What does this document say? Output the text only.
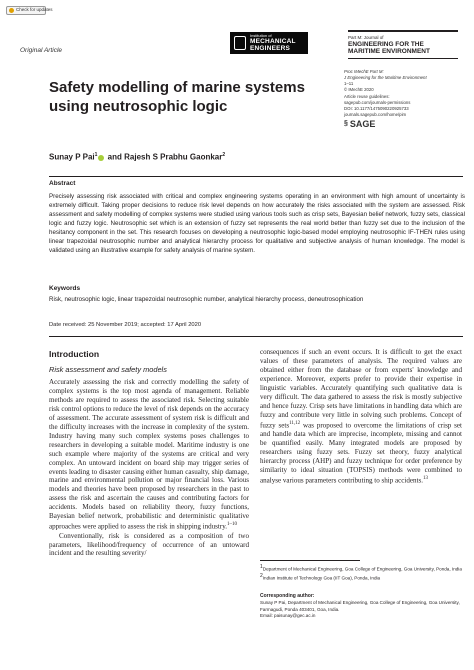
Check for updates
Original Article
Institution of
MECHANICAL
ENGINEERS
Part M: Journal of
ENGINEERING FOR THE
MARITIME ENVIRONMENT
Proc IMechE Part M:
J Engineering for the Maritime Environment
1–11
© IMechE 2020
Article reuse guidelines:
sagepub.com/journals-permissions
DOI: 10.1177/1475090220925733
journals.sagepub.com/home/pim
§ SAGE
Safety modelling of marine systems using neutrosophic logic
Sunay P Pai$^1$ and Rajesh S Prabhu Gaonkar$^2$
Abstract
Precisely assessing risk associated with critical and complex engineering systems operating in an environment with high amount of uncertainty is extremely difficult. Taking proper decisions to reduce risk level depends on how accurately the risks associated with the system are assessed. Risk assessment and safety modelling of complex systems were studied using various tools such as crisp sets, Bayesian belief network, fuzzy sets, classical logic and fuzzy logic. Neutrosophic set which is an extension of fuzzy set represents the real world better than fuzzy set due to the inclusion of the hesitancy component in the set. This research focuses on developing a neutrosophic logic-based model employing neutrosophic IF-THEN rules using linear trapezoidal neutrosophic number and analytical hierarchy process for qualitative and subjective analysis of human knowledge. The model is validated using an illustrative example for safety analysis of marine system.
Keywords
Risk, neutrosophic logic, linear trapezoidal neutrosophic number, analytical hierarchy process, deneutrosophication
Date received: 25 November 2019; accepted: 17 April 2020
Introduction
Risk assessment and safety models

Accurately assessing the risk and correctly modelling the safety of complex systems is the top most agenda of management. Reliable methods are required to assess the associated risk. Selecting suitable risk control options to reduce the level of risk depends on the accuracy of assessment. The accurate assessment of system risk is difficult and the difficulty increases with the increase in complexity of the system. Industry having many such complex systems poses challenges to researchers in developing a suitable model. Maritime industry is one such example where majority of the systems are critical and very complex. An untoward incident on board ship may trigger series of events leading to disaster causing either human casualty, ship damage, marine and environmental pollution or major financial loss. Various models and theories have been proposed by researchers in the past to assess the risk and ascertain the causes and contributing factors for accidents. Models based on reliability theory, fuzzy functions, Bayesian belief network, probabilistic and deterministic qualitative approaches were applied to assess the risk in shipping industry.$^{1-10}$

Conventionally, risk is considered as a composition of two parameters, likelihood/frequency of occurrence of an untoward incident and the resulting severity/

consequences if such an event occurs. It is difficult to get the exact values of these parameters of analysis. The required values are obtained either from the database or from experts' knowledge and experience. Moreover, experts prefer to provide their expertise in linguistic variables. Accurately quantifying such qualitative data is very difficult. The data gathered to assess the risk is mostly subjective and hence fuzzy. Crisp sets have limitations in handling data which are fuzzy and contribute very little in solving such problems. Concept of fuzzy sets$^{11,12}$ was proposed to overcome the limitations of crisp set and handle data which are imprecise, incomplete, missing and cannot be quantified easily. Many integrated models are proposed by researchers using fuzzy sets. Fuzzy set theory, fuzzy analytical hierarchy process (AHP) and fuzzy technique for order preference by similarity to ideal situation (TOPSIS) methods were combined to analyse various parameters contributing to ship accidents.$^{13}$

1Department of Mechanical Engineering, Goa College of Engineering, Goa University, Ponda, India
2Indian Institute of Technology Goa (IIT Goa), Ponda, India
Corresponding author:
Sunay P Pai, Department of Mechanical Engineering, Goa College of Engineering, Goa University, Farmagudi, Ponda 403401, Goa, India.
Email: paisunay@gec.ac.in
